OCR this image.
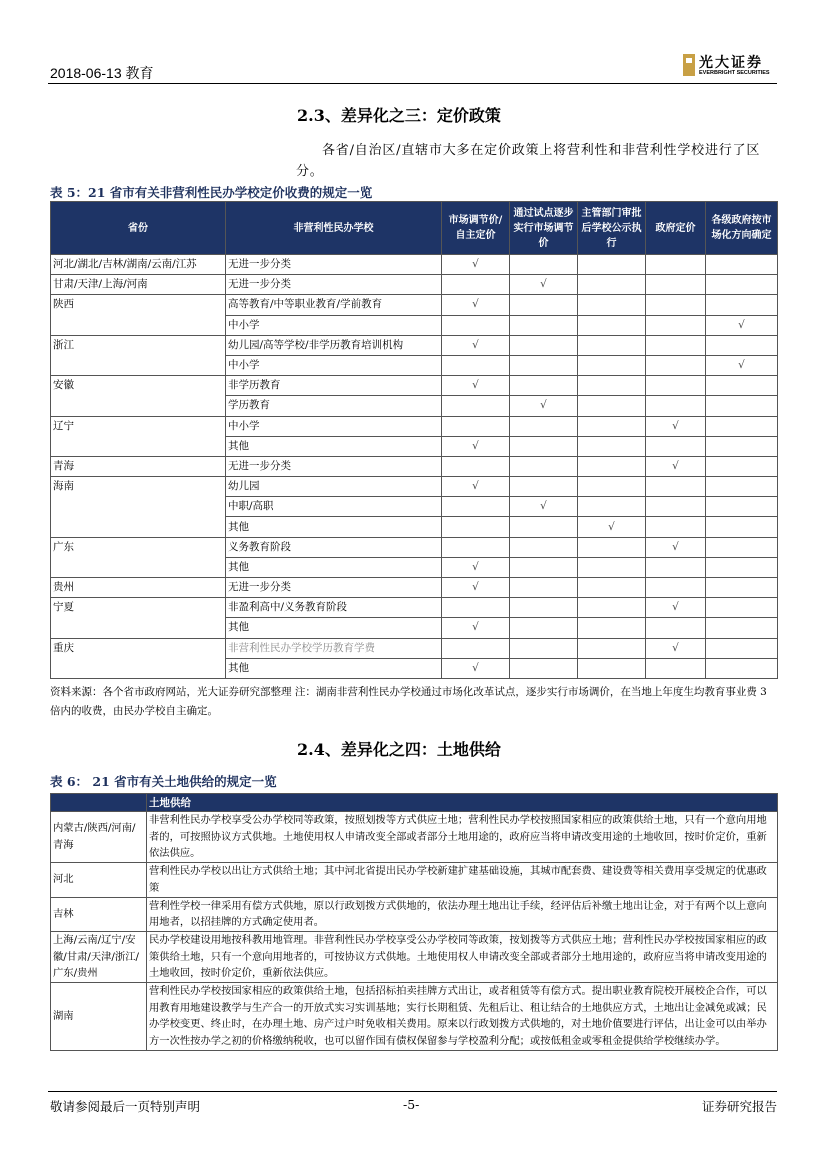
2018-06-13 教育
光大证券
EVERBRIGHT SECURITIES
2.3、差异化之三：定价政策
各省/自治区/直辖市大多在定价政策上将营利性和非营利性学校进行了区分。
表 5：21 省市有关非营利性民办学校定价收费的规定一览
省份	非营利性民办学校	市场调节价/自主定价	通过试点逐步实行市场调节价	主管部门审批后学校公示执行	政府定价	各级政府按市场化方向确定
河北/湖北/吉林/湖南/云南/江苏	无进一步分类	√				
甘肃/天津/上海/河南	无进一步分类		√			
陕西	高等教育/中等职业教育/学前教育	√				
	中小学					√
浙江	幼儿园/高等学校/非学历教育培训机构	√				
	中小学					√
安徽	非学历教育	√				
	学历教育		√			
辽宁	中小学				√	
	其他	√				
青海	无进一步分类				√	
海南	幼儿园	√				
	中职/高职		√			
	其他			√		
广东	义务教育阶段				√	
	其他	√				
贵州	无进一步分类	√				
宁夏	非盈利高中/义务教育阶段				√	
	其他	√				
重庆	非营利性民办学校学历教育学费				√	
	其他	√				
资料来源：各个省市政府网站，光大证券研究部整理 注：湖南非营利性民办学校通过市场化改革试点，逐步实行市场调价，在当地上年度生均教育事业费 3 倍内的收费，由民办学校自主确定。
2.4、差异化之四：土地供给
表 6： 21 省市有关土地供给的规定一览
	土地供给
内蒙古/陕西/河南/青海	非营利性民办学校享受公办学校同等政策，按照划拨等方式供应土地；营利性民办学校按照国家相应的政策供给土地，只有一个意向用地者的，可按照协议方式供地。土地使用权人申请改变全部或者部分土地用途的，政府应当将申请改变用途的土地收回，按时价定价，重新依法供应。
河北	营利性民办学校以出让方式供给土地；其中河北省提出民办学校新建扩建基础设施，其城市配套费、建设费等相关费用享受规定的优惠政策
吉林	营利性学校一律采用有偿方式供地，原以行政划拨方式供地的，依法办理土地出让手续，经评估后补缴土地出让金，对于有两个以上意向用地者，以招挂牌的方式确定使用者。
上海/云南/辽宁/安徽/甘肃/天津/浙江/广东/贵州	民办学校建设用地按科教用地管理。非营利性民办学校享受公办学校同等政策，按划拨等方式供应土地；营利性民办学校按国家相应的政策供给土地，只有一个意向用地者的，可按协议方式供地。土地使用权人申请改变全部或者部分土地用途的，政府应当将申请改变用途的土地收回，按时价定价，重新依法供应。
湖南	营利性民办学校按国家相应的政策供给土地，包括招标拍卖挂牌方式出让，或者租赁等有偿方式。提出职业教育院校开展校企合作，可以用教育用地建设教学与生产合一的开放式实习实训基地；实行长期租赁、先租后让、租让结合的土地供应方式，土地出让金减免或减；民办学校变更、终止时，在办理土地、房产过户时免收相关费用。原来以行政划拨方式供地的，对土地价值要进行评估，出让金可以由举办方一次性按办学之初的价格缴纳税收，也可以留作国有债权保留参与学校盈利分配；或按低租金或零租金提供给学校继续办学。
敬请参阅最后一页特别声明	-5-	证券研究报告
